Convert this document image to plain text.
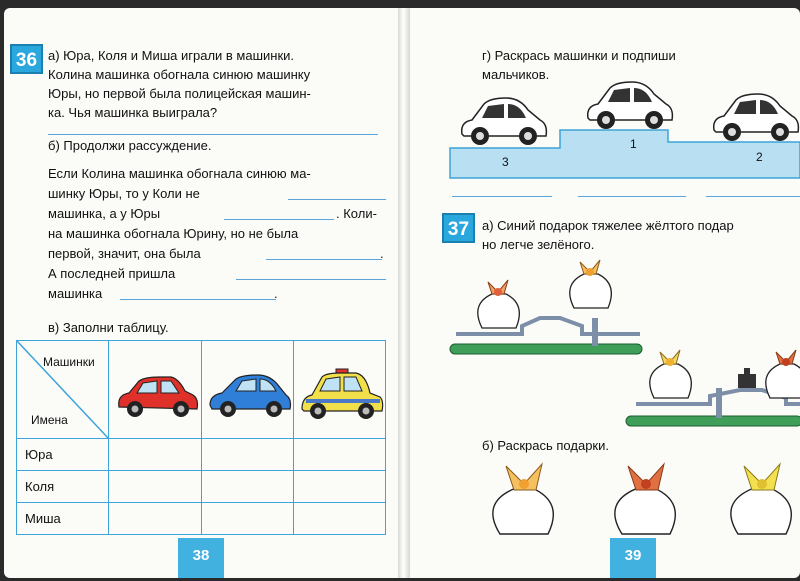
36 а) Юра, Коля и Миша играли в машинки.
Колина машинка обогнала синюю машинку
Юры, но первой была полицейская машин-
ка. Чья машинка выиграла?
б) Продолжи рассуждение.
Если Колина машинка обогнала синюю ма-
шинку Юры, то у Коли не
машинка, а у Юры	. Коли-
на машинка обогнала Юрину, но не была
первой, значит, она была	.
А последней пришла
машинка	.
в) Заполни таблицу.
Машинки
Имена

Юра			
Коля			
Миша			
38
г) Раскрась машинки и подпиши
мальчиков.
3
1
2
37 а) Синий подарок тяжелее жёлтого подар
но легче зелёного.
б) Раскрась подарки.
39
